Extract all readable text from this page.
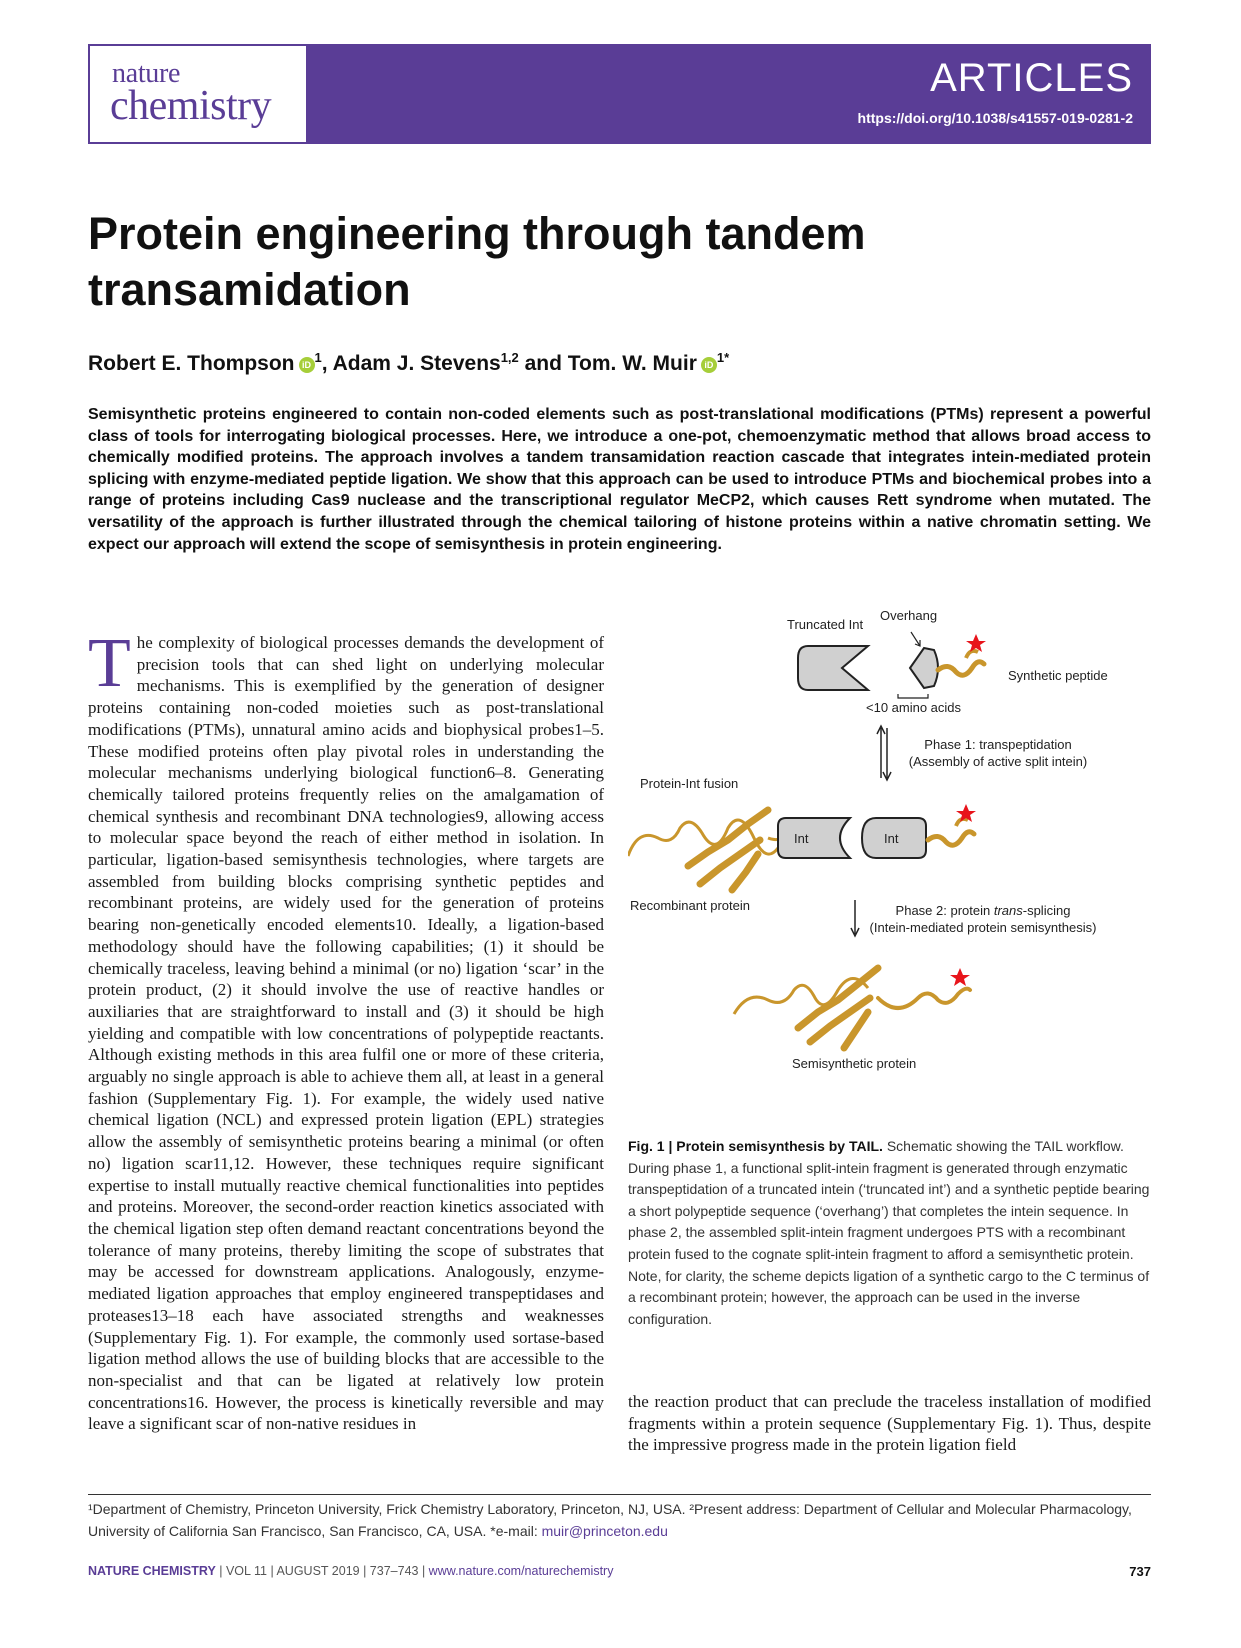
nature
chemistry
ARTICLES
https://doi.org/10.1038/s41557-019-0281-2
Protein engineering through tandem
transamidation
Robert E. Thompson iD $^1$, Adam J. Stevens$^{1,2}$ and Tom. W. Muir iD $^{1*}$
Semisynthetic proteins engineered to contain non-coded elements such as post-translational modifications (PTMs) represent a powerful class of tools for interrogating biological processes. Here, we introduce a one-pot, chemoenzymatic method that allows broad access to chemically modified proteins. The approach involves a tandem transamidation reaction cascade that integrates intein-mediated protein splicing with enzyme-mediated peptide ligation. We show that this approach can be used to introduce PTMs and biochemical probes into a range of proteins including Cas9 nuclease and the transcriptional regulator MeCP2, which causes Rett syndrome when mutated. The versatility of the approach is further illustrated through the chemical tailoring of histone proteins within a native chromatin setting. We expect our approach will extend the scope of semisynthesis in protein engineering.
The complexity of biological processes demands the development of precision tools that can shed light on underlying molecular mechanisms. This is exemplified by the generation of designer proteins containing non-coded moieties such as post-translational modifications (PTMs), unnatural amino acids and biophysical probes1–5. These modified proteins often play pivotal roles in understanding the molecular mechanisms underlying biological function6–8. Generating chemically tailored proteins frequently relies on the amalgamation of chemical synthesis and recombinant DNA technologies9, allowing access to molecular space beyond the reach of either method in isolation. In particular, ligation-based semisynthesis technologies, where targets are assembled from building blocks comprising synthetic peptides and recombinant proteins, are widely used for the generation of proteins bearing non-genetically encoded elements10. Ideally, a ligation-based methodology should have the following capabilities; (1) it should be chemically traceless, leaving behind a minimal (or no) ligation ‘scar’ in the protein product, (2) it should involve the use of reactive handles or auxiliaries that are straightforward to install and (3) it should be high yielding and compatible with low concentrations of polypeptide reactants. Although existing methods in this area fulfil one or more of these criteria, arguably no single approach is able to achieve them all, at least in a general fashion (Supplementary Fig. 1). For example, the widely used native chemical ligation (NCL) and expressed protein ligation (EPL) strategies allow the assembly of semisynthetic proteins bearing a minimal (or often no) ligation scar11,12. However, these techniques require significant expertise to install mutually reactive chemical functionalities into peptides and proteins. Moreover, the second-order reaction kinetics associated with the chemical ligation step often demand reactant concentrations beyond the tolerance of many proteins, thereby limiting the scope of substrates that may be accessed for downstream applications. Analogously, enzyme-mediated ligation approaches that employ engineered transpeptidases and proteases13–18 each have associated strengths and weaknesses (Supplementary Fig. 1). For example, the commonly used sortase-based ligation method allows the use of building blocks that are accessible to the non-specialist and that can be ligated at relatively low protein concentrations16. However, the process is kinetically reversible and may leave a significant scar of non-native residues in
Int	Int
Truncated Int
Overhang
Synthetic peptide
<10 amino acids
Phase 1: transpeptidation
(Assembly of active split intein)
Protein-Int fusion
Recombinant protein	Phase 2: protein trans-splicing
(Intein-mediated protein semisynthesis)
Semisynthetic protein
Fig. 1 | Protein semisynthesis by TAIL. Schematic showing the TAIL workflow. During phase 1, a functional split-intein fragment is generated through enzymatic transpeptidation of a truncated intein (‘truncated int’) and a synthetic peptide bearing a short polypeptide sequence (‘overhang’) that completes the intein sequence. In phase 2, the assembled split-intein fragment undergoes PTS with a recombinant protein fused to the cognate split-intein fragment to afford a semisynthetic protein. Note, for clarity, the scheme depicts ligation of a synthetic cargo to the C terminus of a recombinant protein; however, the approach can be used in the inverse configuration.
the reaction product that can preclude the traceless installation of modified fragments within a protein sequence (Supplementary Fig. 1). Thus, despite the impressive progress made in the protein ligation field
¹Department of Chemistry, Princeton University, Frick Chemistry Laboratory, Princeton, NJ, USA. ²Present address: Department of Cellular and Molecular Pharmacology, University of California San Francisco, San Francisco, CA, USA. *e-mail: muir@princeton.edu
NATURE CHEMISTRY | VOL 11 | AUGUST 2019 | 737–743 | www.nature.com/naturechemistry	737
